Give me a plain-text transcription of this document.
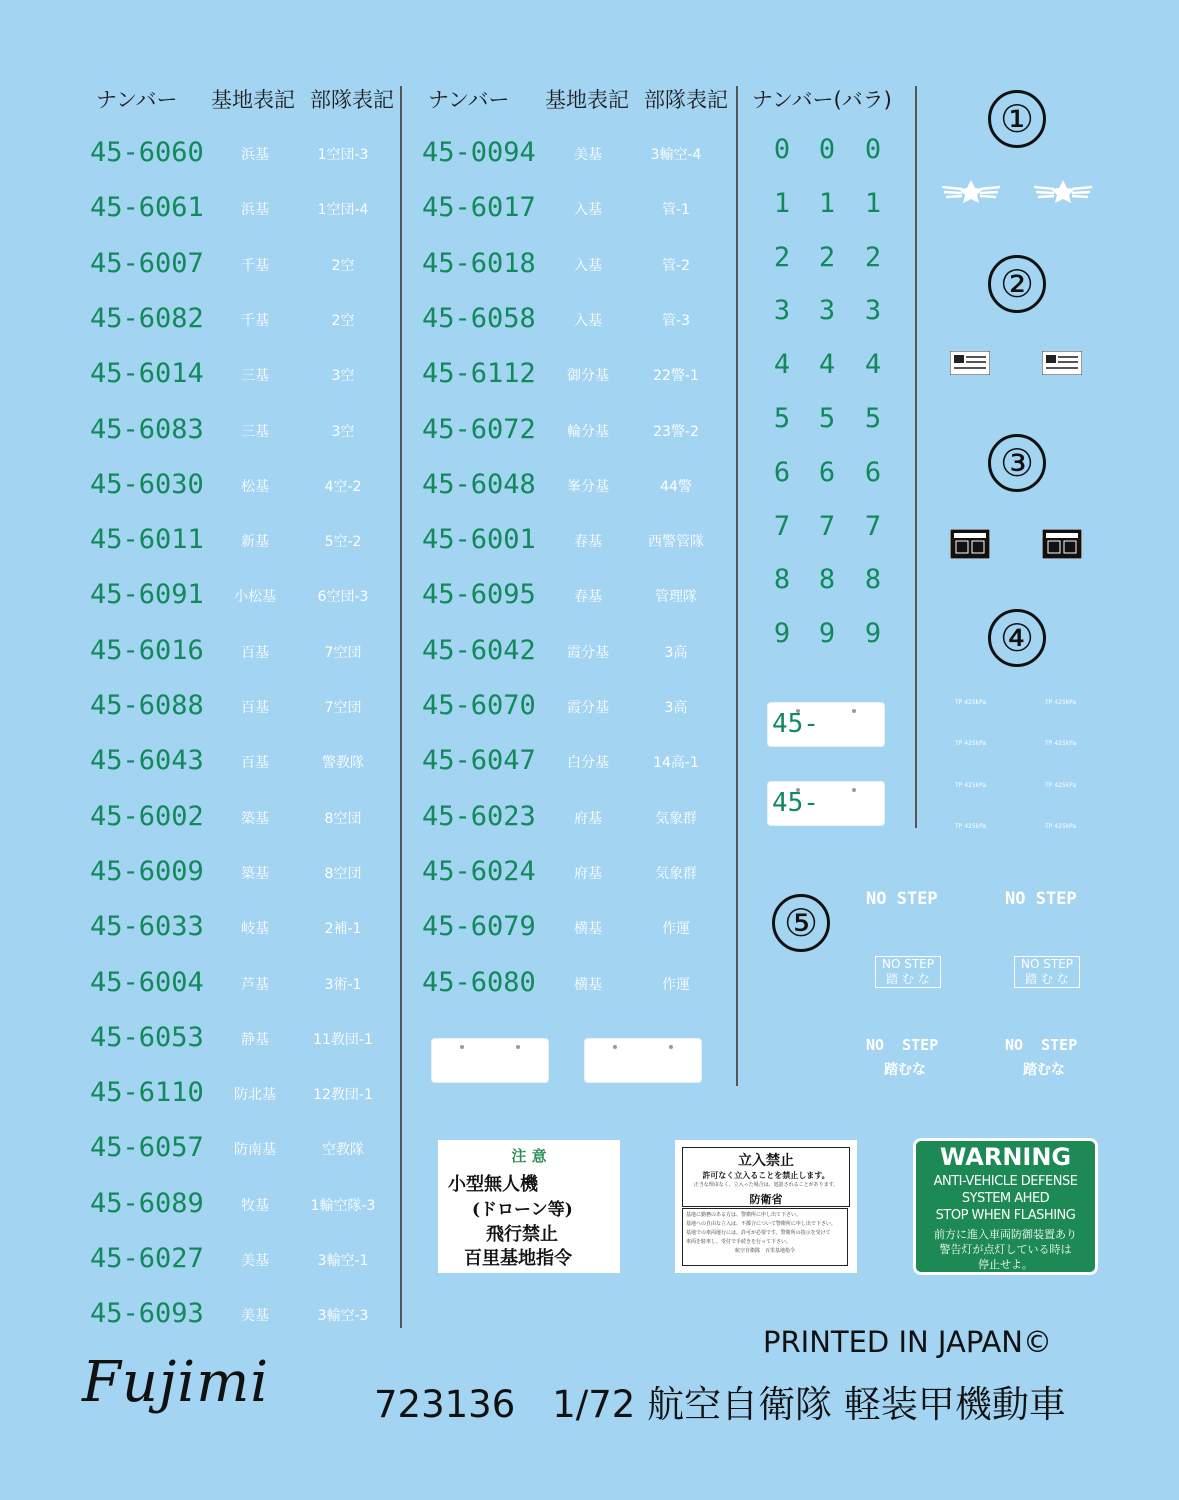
ナンバー 基地表記 部隊表記 ナンバー 基地表記 部隊表記 ナンバー(バラ)
45-6060	浜基	1空団-3
45-6061	浜基	1空団-4
45-6007	千基	2空
45-6082	千基	2空
45-6014	三基	3空
45-6083	三基	3空
45-6030	松基	4空-2
45-6011	新基	5空-2
45-6091	小松基	6空団-3
45-6016	百基	7空団
45-6088	百基	7空団
45-6043	百基	警教隊
45-6002	築基	8空団
45-6009	築基	8空団
45-6033	岐基	2補-1
45-6004	芦基	3術-1
45-6053	静基	11教団-1
45-6110	防北基	12教団-1
45-6057	防南基	空教隊
45-6089	牧基	1輸空隊-3
45-6027	美基	3輸空-1
45-6093	美基	3輸空-3
45-0094	美基	3輸空-4
45-6017	入基	管-1
45-6018	入基	管-2
45-6058	入基	管-3
45-6112	御分基	22警-1
45-6072	輪分基	23警-2
45-6048	峯分基	44警
45-6001	春基	西警管隊
45-6095	春基	管理隊
45-6042	霞分基	3高
45-6070	霞分基	3高
45-6047	白分基	14高-1
45-6023	府基	気象群
45-6024	府基	気象群
45-6079	横基	作運
45-6080	横基	作運
0 0 0
1 1 1
2 2 2
3 3 3
4 4 4
5 5 5
6 6 6
7 7 7
8 8 8
9 9 9
45-
45-
①
②
③
④
⑤
TP 425kPa	TP 425kPa
TP 425kPa	TP 425kPa
TP 425kPa	TP 425kPa
TP 425kPa	TP 425kPa
NO STEP	NO STEP
NO STEP
踏 む な
NO STEP
踏 む な
NO  STEP	NO  STEP
踏むな	踏むな
注 意
小型無人機
(ドローン等)
飛行禁止
百里基地指令
立入禁止
許可なく立入ることを禁止します。
正当な理由なく、立入った場合は、処罰されることがあります。
防衛省
基地に勤務のある方は、警衛所に申し出て下さい。
基地への自由な立入は、不都合について警衛所に申し出で下さい。
基地での車両運行には、許可が必要です。警衛所の指示を受けて
車両を駐車し、受付で手続きを行って下さい。
航空自衛隊　百里基地指令
WARNING
ANTI-VEHICLE DEFENSE
SYSTEM AHED
STOP WHEN FLASHING
前方に進入車両防御装置あり
警告灯が点灯している時は
停止せよ。
Fujimi
PRINTED IN JAPAN©
723136　1/72 航空自衛隊 軽装甲機動車
